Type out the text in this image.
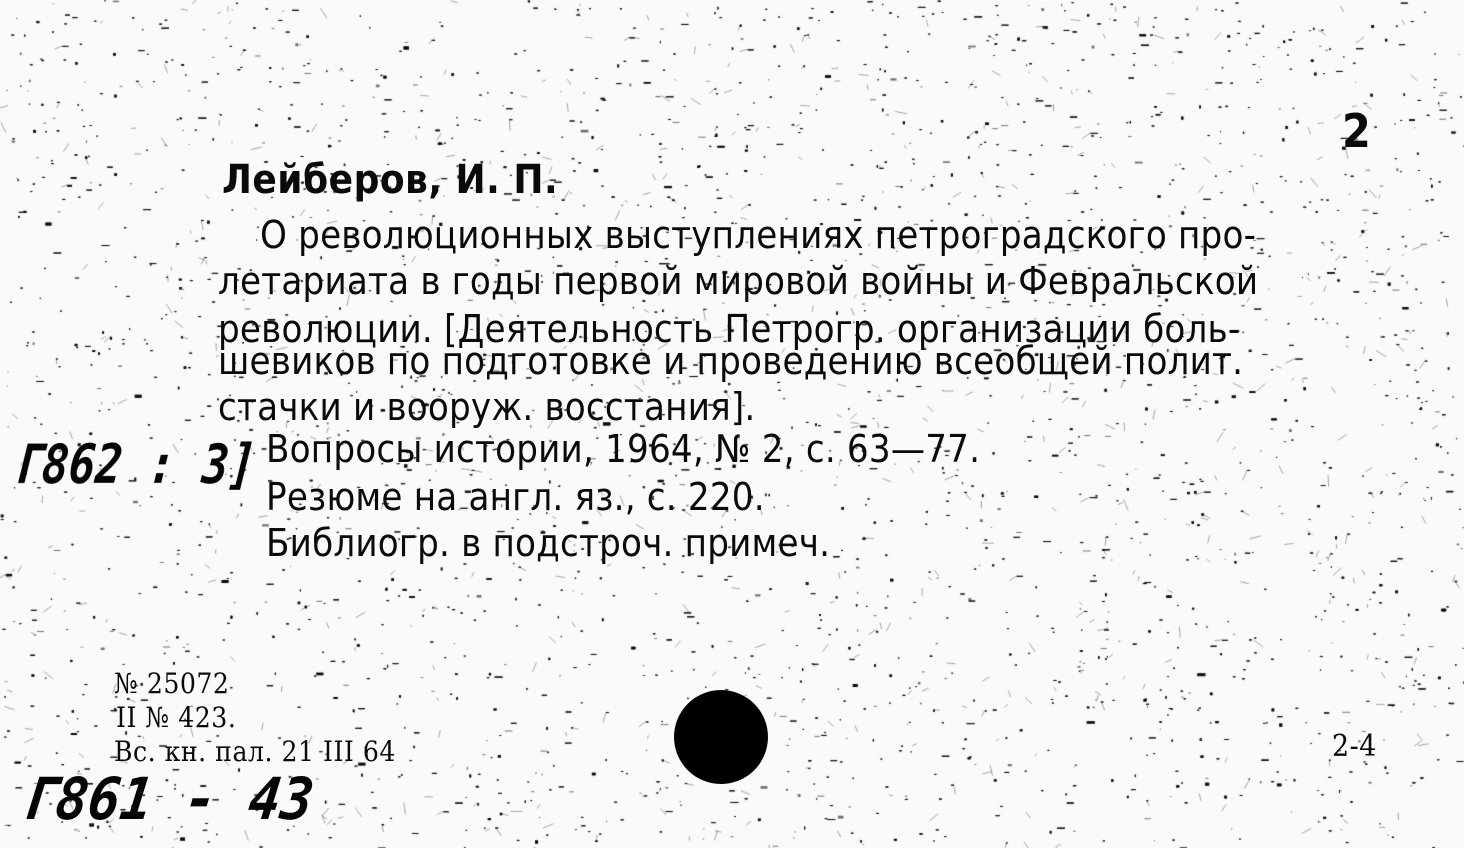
2
Лейберов, И. П.
О революционных выступлениях петроградского про-
летариата в годы первой мировой войны и Февральской
революции. [Деятельность Петрогр. организации боль-
шевиков по подготовке и проведению всеобщей полит.
стачки и вооруж. восстания].
Вопросы истории, 1964, № 2, с. 63—77.
Резюме на англ. яз., с. 220.
Библиогр. в подстроч. примеч.
Г862 : 3]
№ 25072
II № 423.
Вс. кн. пал. 21 III 64	2-4
Г861 - 43
